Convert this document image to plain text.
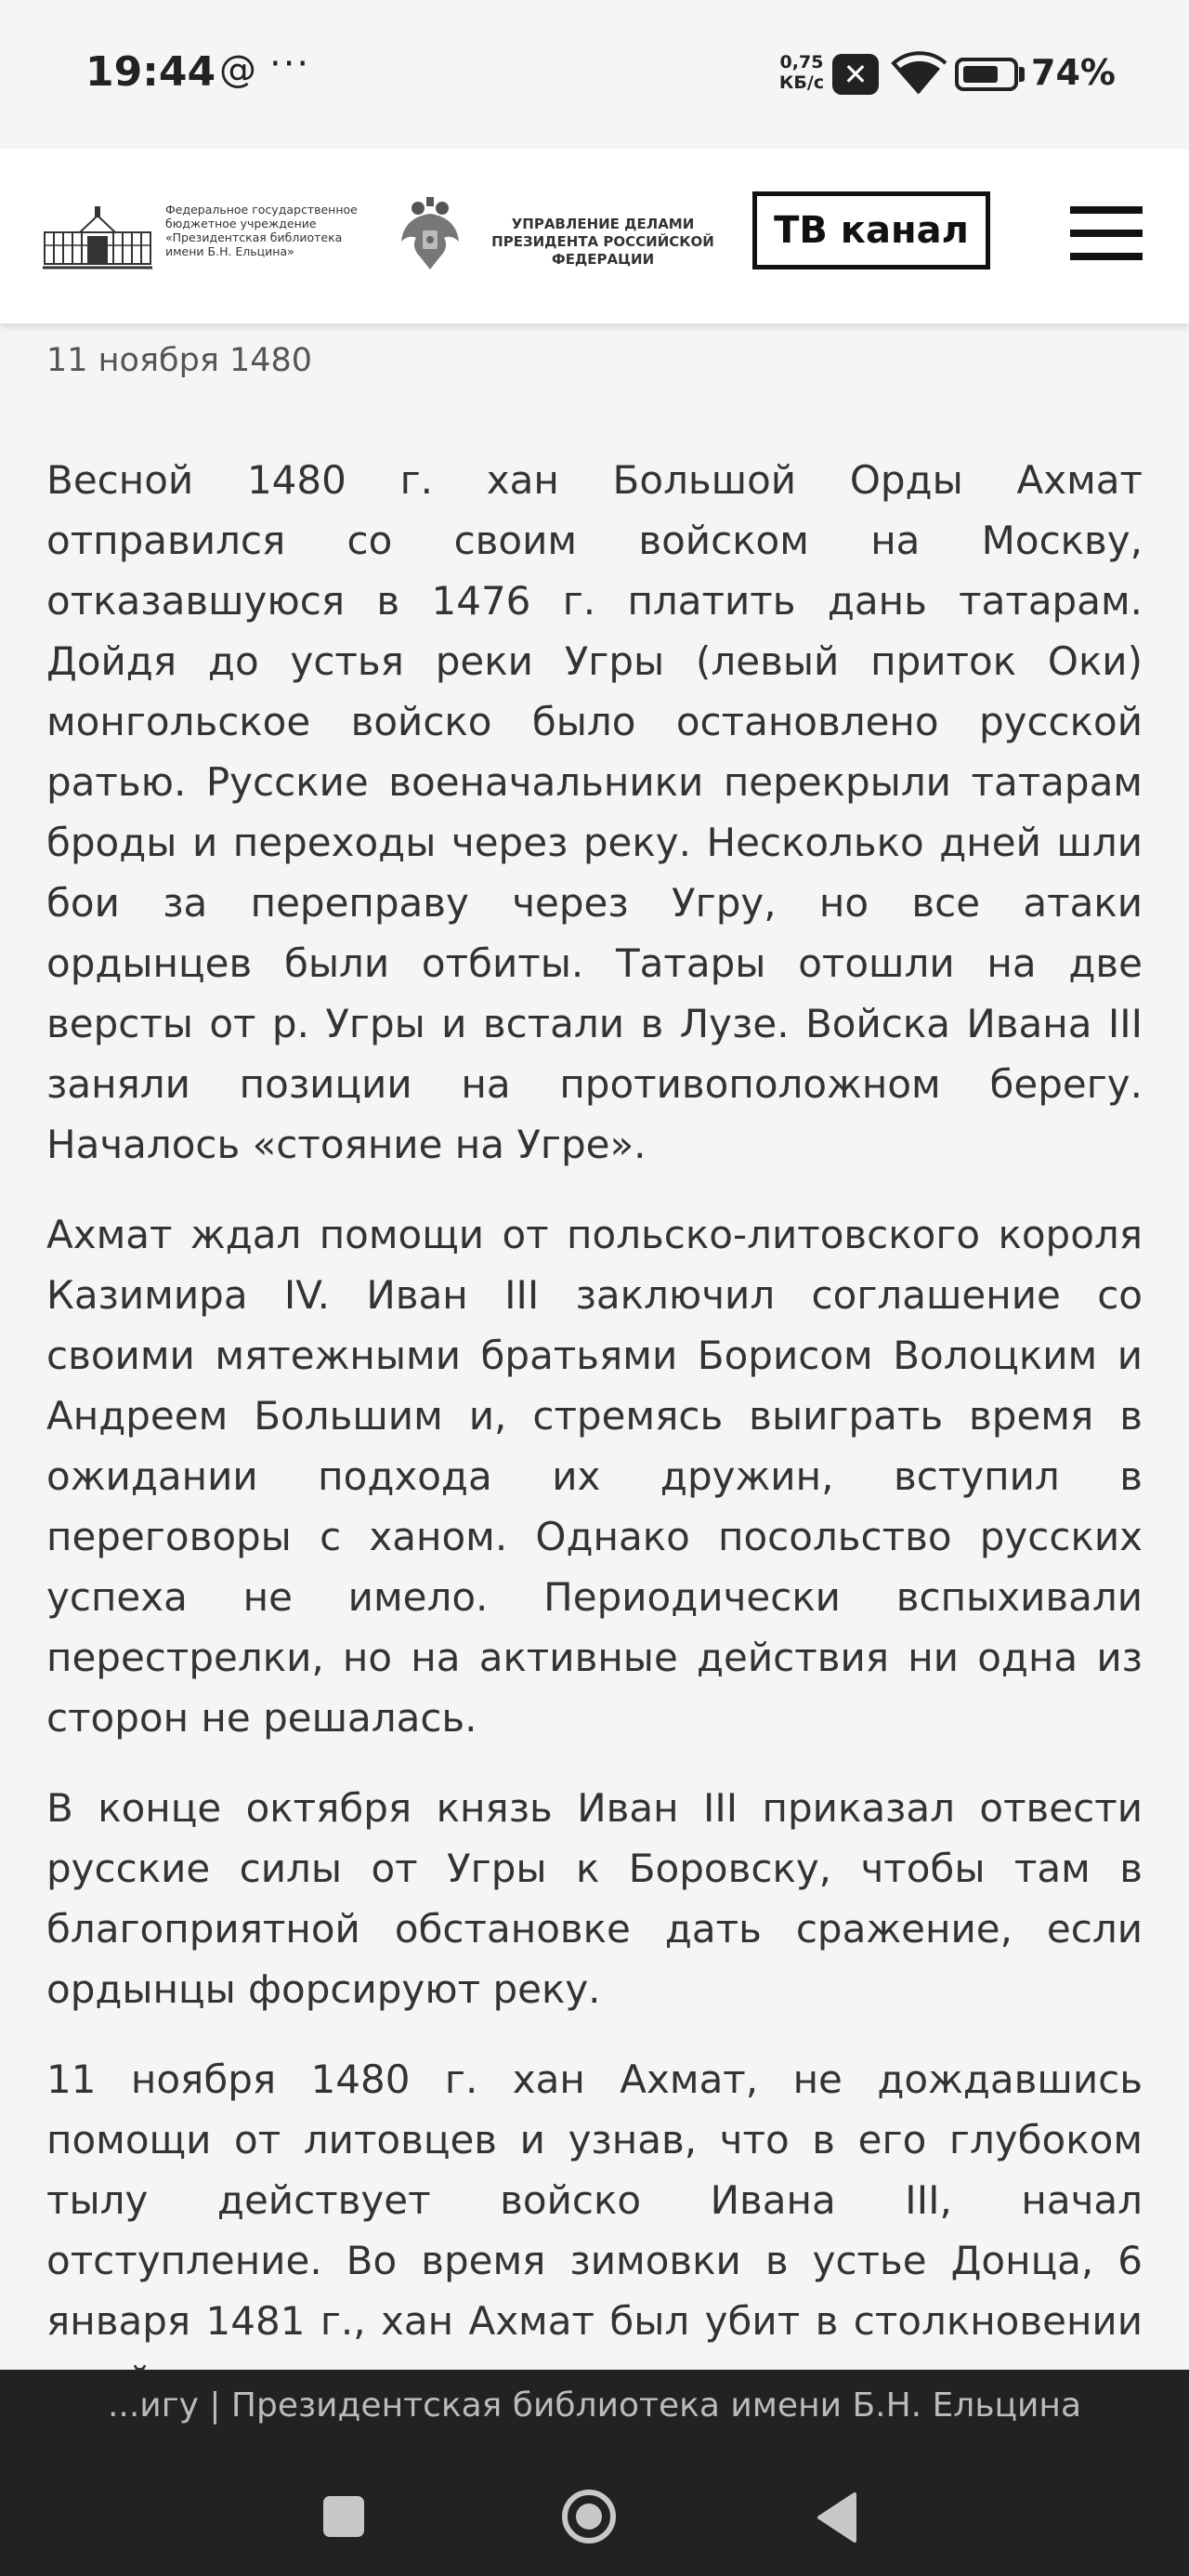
19:44 @ ···	0,75
КБ/с ✕	74%
Федеральное государственное бюджетное учреждение «Президентская библиотека имени Б.Н. Ельцина»
УПРАВЛЕНИЕ ДЕЛАМИ ПРЕЗИДЕНТА РОССИЙСКОЙ ФЕДЕРАЦИИ
ТВ канал
11 ноября 1480

Весной 1480 г. хан Большой Орды Ахмат отправился со своим войском на Москву, отказавшуюся в 1476 г. платить дань татарам. Дойдя до устья реки Угры (левый приток Оки) монгольское войско было остановлено русской ратью. Русские военачальники перекрыли татарам броды и переходы через реку. Несколько дней шли бои за переправу через Угру, но все атаки ордынцев были отбиты. Татары отошли на две версты от р. Угры и встали в Лузе. Войска Ивана III заняли позиции на противоположном берегу. Началось «стояние на Угре».

Ахмат ждал помощи от польско-литовского короля Казимира IV. Иван III заключил соглашение со своими мятежными братьями Борисом Волоцким и Андреем Большим и, стремясь выиграть время в ожидании подхода их дружин, вступил в переговоры с ханом. Однако посольство русских успеха не имело. Периодически вспыхивали перестрелки, но на активные действия ни одна из сторон не решалась.

В конце октября князь Иван III приказал отвести русские силы от Угры к Боровску, чтобы там в благоприятной обстановке дать сражение, если ордынцы форсируют реку.

11 ноября 1480 г. хан Ахмат, не дождавшись помощи от литовцев и узнав, что в его глубоком тылу действует войско Ивана III, начал отступление. Во время зимовки в устье Донца, 6 января 1481 г., хан Ахмат был убит в столкновении

...игу | Президентская библиотека имени Б.Н. Ельцина
